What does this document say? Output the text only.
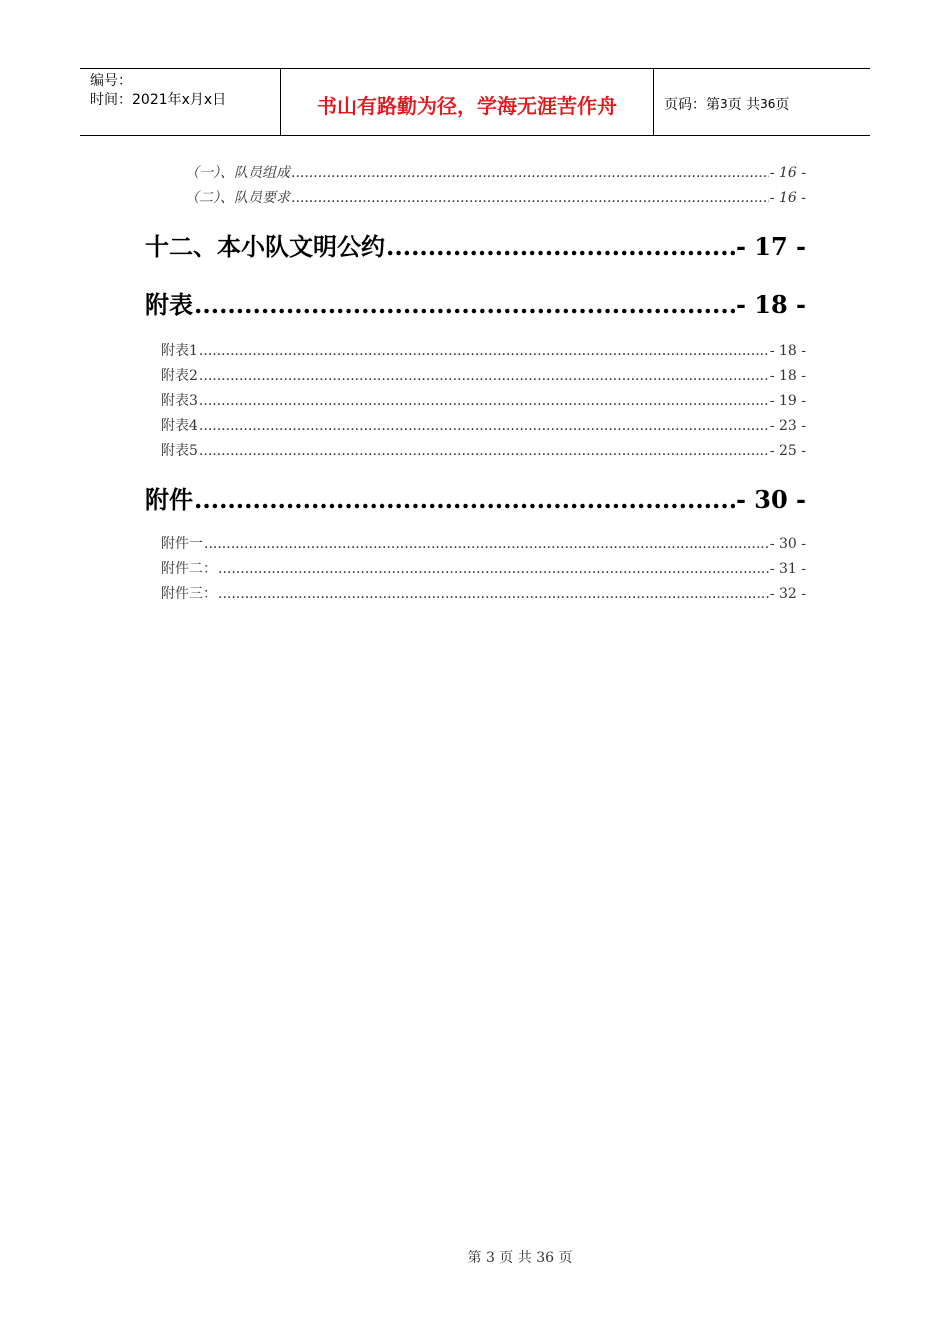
编号：
时间：2021年x月x日	书山有路勤为径，学海无涯苦作舟	页码：第 3 页 共 36 页
（一）、队员组成 .....	- 16 -
（二）、队员要求 .....	- 16 -
十二、本小队文明公约 .....	- 17 -
附表 .....	- 18 -
附表1 .....	- 18 -
附表2 .....	- 18 -
附表3 .....	- 19 -
附表4 .....	- 23 -
附表5 .....	- 25 -
附件 .....	- 30 -
附件一 .....	- 30 -
附件二： .....	- 31 -
附件三： .....	- 32 -
第 3 页 共 36 页
